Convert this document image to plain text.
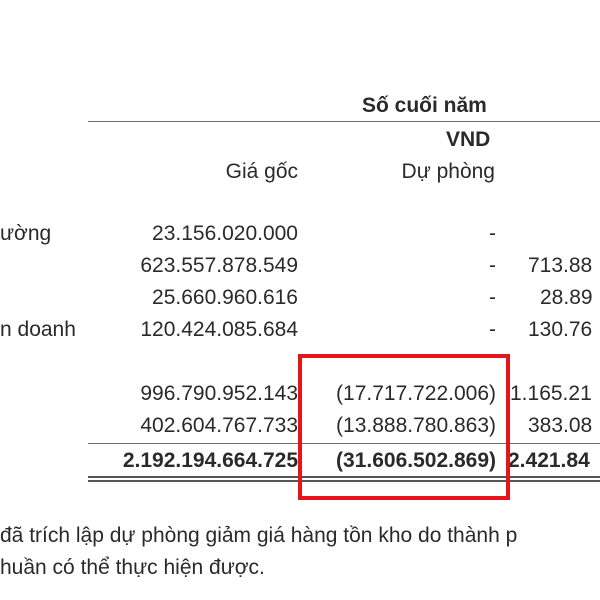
Số cuối năm
VND
Giá gốc	Dự phòng
ường	23.156.020.000	-
623.557.878.549	- 713.88
25.660.960.616	- 28.89
n doanh	120.424.085.684	- 130.76
996.790.952.143	(17.717.722.006) 1.165.21
402.604.767.733	(13.888.780.863) 383.08
2.192.194.664.725	(31.606.502.869) 2.421.84
đã trích lập dự phòng giảm giá hàng tồn kho do thành p
huần có thể thực hiện được.
